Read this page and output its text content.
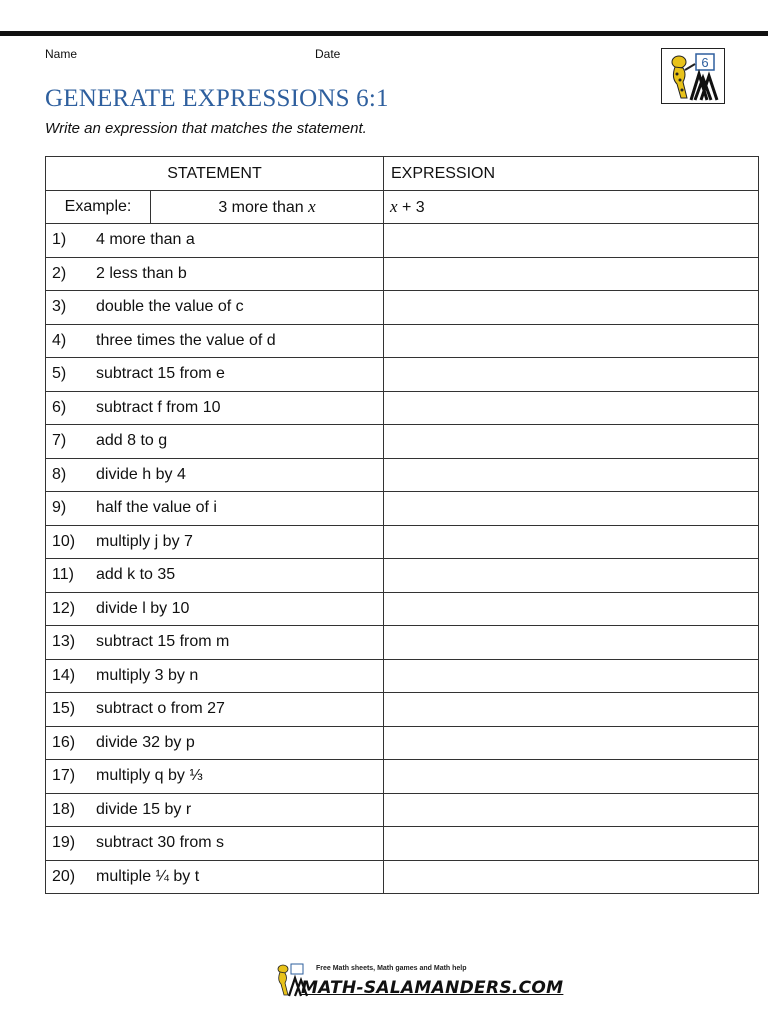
Name	Date
6
GENERATE EXPRESSIONS 6:1
Write an expression that matches the statement.
STATEMENT		EXPRESSION
Example:	3 more than x	x + 3
1) 4 more than a		
2) 2 less than b		
3) double the value of c		
4) three times the value of d		
5) subtract 15 from e		
6) subtract f from 10		
7) add 8 to g		
8) divide h by 4		
9) half the value of i		
10) multiply j by 7		
11) add k to 35		
12) divide l by 10		
13) subtract 15 from m		
14) multiply 3 by n		
15) subtract o from 27		
16) divide 32 by p		
17) multiply q by ⅓		
18) divide 15 by r		
19) subtract 30 from s		
20) multiple ¼ by t		
Free Math sheets, Math games and Math help
MATH-SALAMANDERS.COM
